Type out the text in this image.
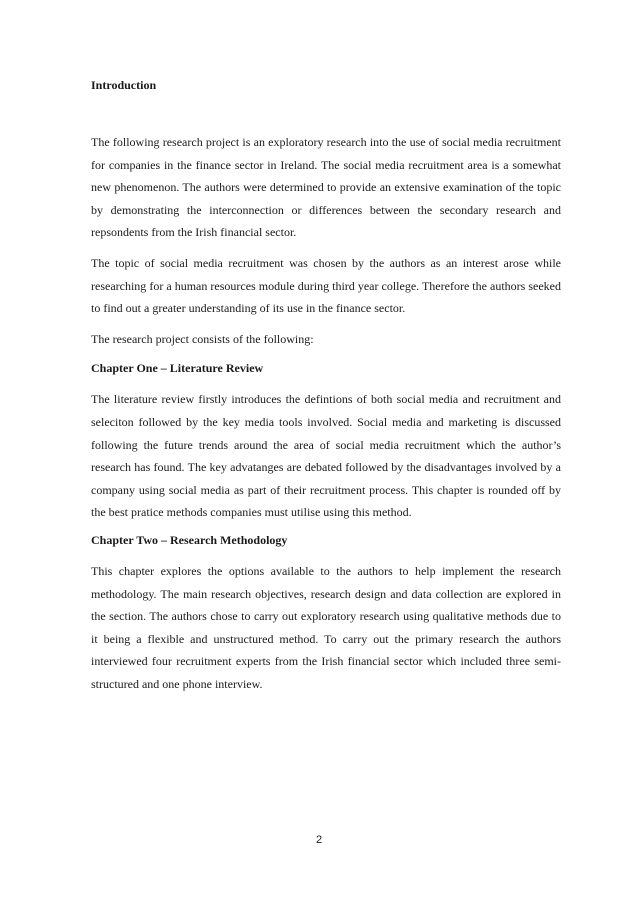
Introduction

The following research project is an exploratory research into the use of social media recruitment for companies in the finance sector in Ireland. The social media recruitment area is a somewhat new phenomenon. The authors were determined to provide an extensive examination of the topic by demonstrating the interconnection or differences between the secondary research and repsondents from the Irish financial sector.

The topic of social media recruitment was chosen by the authors as an interest arose while researching for a human resources module during third year college. Therefore the authors seeked to find out a greater understanding of its use in the finance sector.

The research project consists of the following:

Chapter One – Literature Review

The literature review firstly introduces the defintions of both social media and recruitment and seleciton followed by the key media tools involved. Social media and marketing is discussed following the future trends around the area of social media recruitment which the author’s research has found. The key advatanges are debated followed by the disadvantages involved by a company using social media as part of their recruitment process. This chapter is rounded off by the best pratice methods companies must utilise using this method.

Chapter Two – Research Methodology

This chapter explores the options available to the authors to help implement the research methodology. The main research objectives, research design and data collection are explored in the section. The authors chose to carry out exploratory research using qualitative methods due to it being a flexible and unstructured method. To carry out the primary research the authors interviewed four recruitment experts from the Irish financial sector which included three semi-structured and one phone interview.

2
